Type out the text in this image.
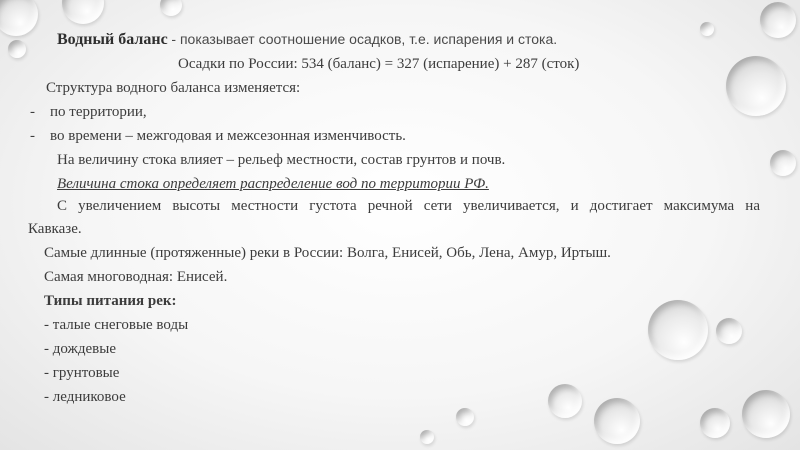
Водный баланс - показывает соотношение осадков, т.е. испарения и стока.
Осадки по России: 534 (баланс) = 327 (испарение) + 287 (сток)
Структура водного баланса изменяется:
- по территории,
- во времени – межгодовая и межсезонная изменчивость.
На величину стока влияет – рельеф местности, состав грунтов и почв.
Величина стока определяет распределение вод по территории РФ.
С увеличением высоты местности густота речной сети увеличивается, и достигает максимума на
Кавказе.
Самые длинные (протяженные) реки в России: Волга, Енисей, Обь, Лена, Амур, Иртыш.
Самая многоводная: Енисей.
Типы питания рек:
- талые снеговые воды
- дождевые
- грунтовые
- ледниковое
